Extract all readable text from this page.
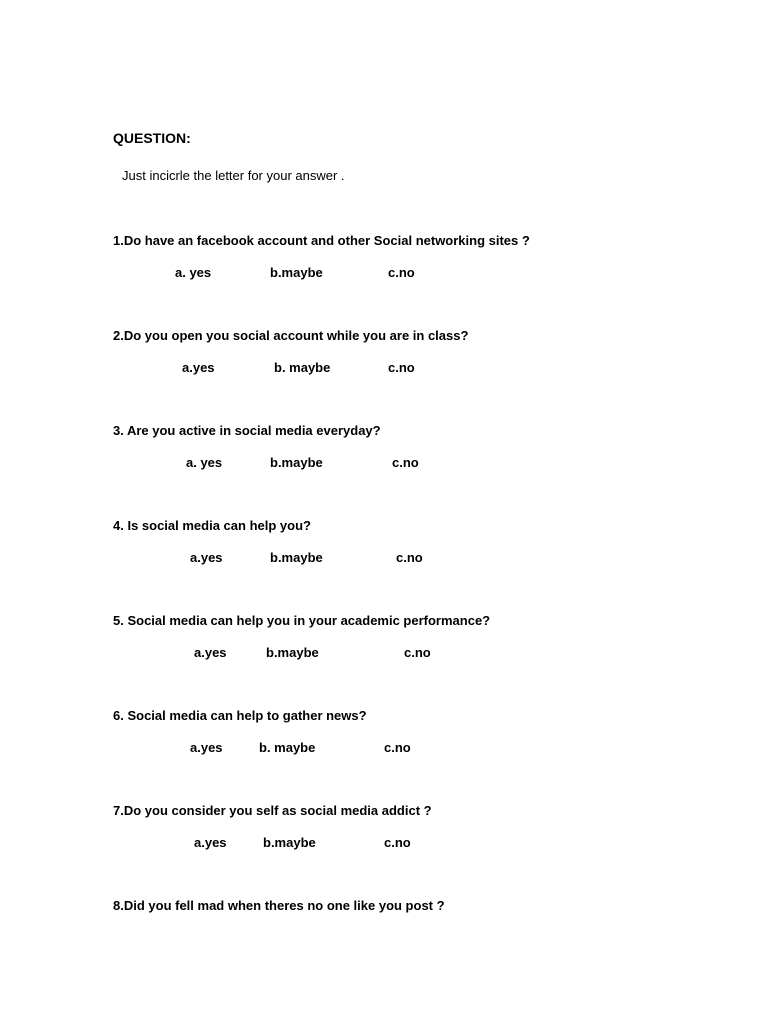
QUESTION:

Just incicrle the letter for your answer .

1.Do have an facebook account and other Social networking sites ?

a. yes	b.maybe	c.no

2.Do you open you social account while you are in class?

a.yes	b. maybe	c.no

3. Are you active in social media everyday?

a. yes	b.maybe	c.no

4. Is social media can help you?

a.yes	b.maybe	c.no

5. Social media can help you in your academic performance?

a.yes	b.maybe	c.no

6. Social media can help to gather news?

a.yes	b. maybe	c.no

7.Do you consider you self as social media addict ?

a.yes	b.maybe	c.no

8.Did you fell mad when theres no one like you post ?
